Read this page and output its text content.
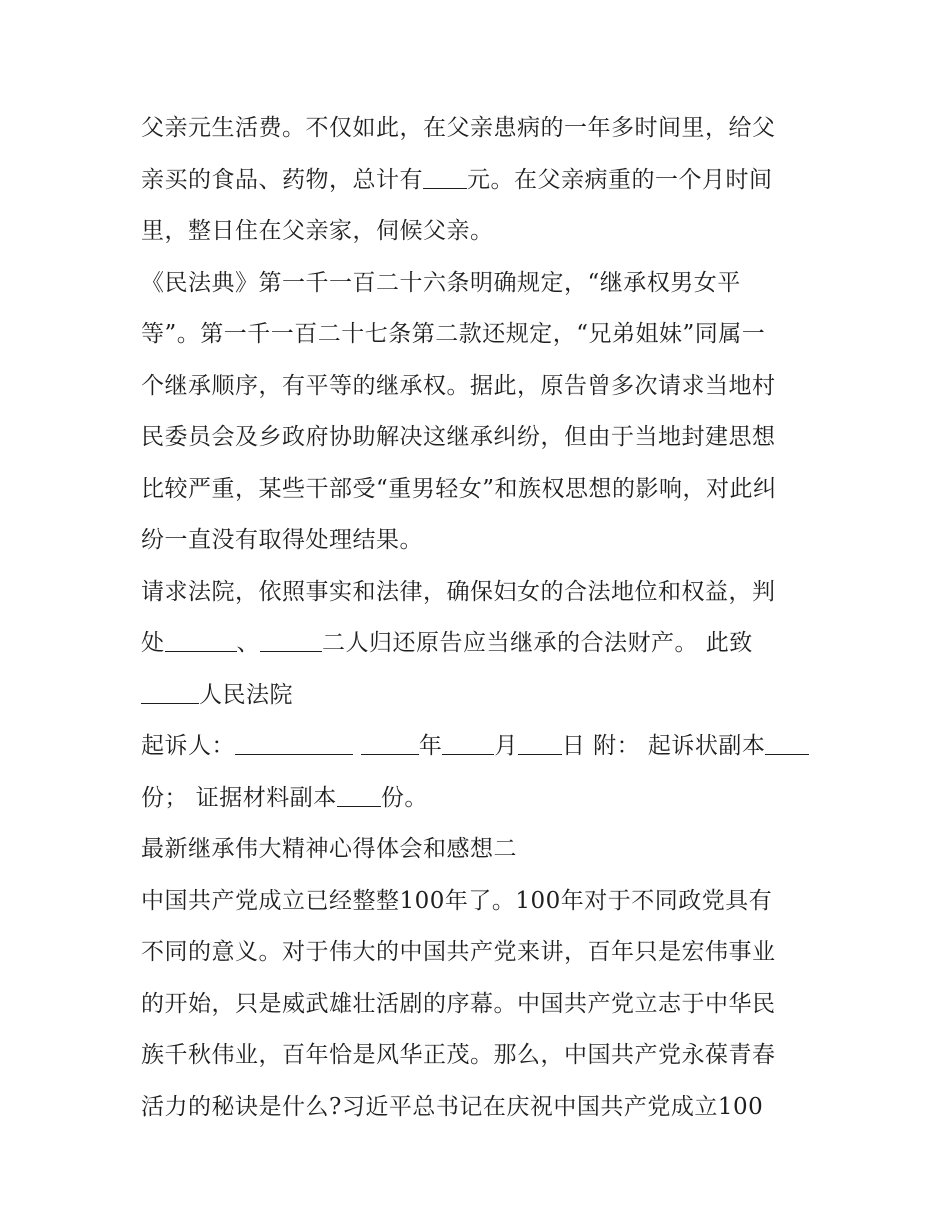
父亲元生活费。不仅如此，在父亲患病的一年多时间里，给父
亲买的食品、药物，总计有 元。在父亲病重的一个月时间
里，整日住在父亲家，伺候父亲。
《民法典》第一千一百二十六条明确规定，“继承权男女平
等”。第一千一百二十七条第二款还规定，“兄弟姐妹”同属一
个继承顺序，有平等的继承权。据此，原告曾多次请求当地村
民委员会及乡政府协助解决这继承纠纷，但由于当地封建思想
比较严重，某些干部受“重男轻女”和族权思想的影响，对此纠
纷一直没有取得处理结果。
请求法院，依照事实和法律，确保妇女的合法地位和权益，判
处	、	二人归还原告应当继承的合法财产。 此致
人民法院
起诉人：	年 月 日 附： 起诉状副本
份； 证据材料副本 份。
最新继承伟大精神心得体会和感想二
中国共产党成立已经整整100年了。100年对于不同政党具有
不同的意义。对于伟大的中国共产党来讲，百年只是宏伟事业
的开始，只是威武雄壮活剧的序幕。中国共产党立志于中华民
族千秋伟业，百年恰是风华正茂。那么，中国共产党永葆青春
活力的秘诀是什么?习近平总书记在庆祝中国共产党成立100
